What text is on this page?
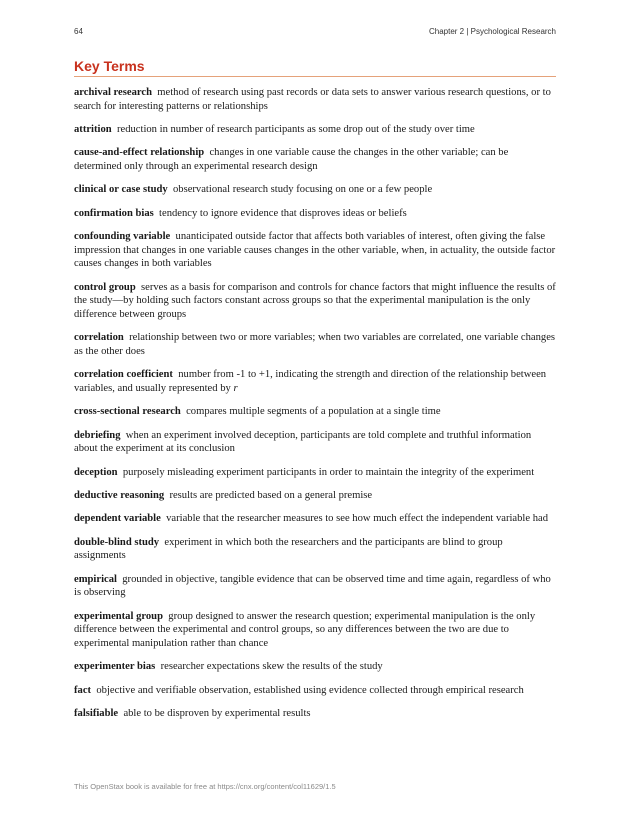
64	Chapter 2 | Psychological Research
Key Terms

archival research method of research using past records or data sets to answer various research questions, or to search for interesting patterns or relationships

attrition reduction in number of research participants as some drop out of the study over time

cause-and-effect relationship changes in one variable cause the changes in the other variable; can be determined only through an experimental research design

clinical or case study observational research study focusing on one or a few people

confirmation bias tendency to ignore evidence that disproves ideas or beliefs

confounding variable unanticipated outside factor that affects both variables of interest, often giving the false impression that changes in one variable causes changes in the other variable, when, in actuality, the outside factor causes changes in both variables

control group serves as a basis for comparison and controls for chance factors that might influence the results of the study—by holding such factors constant across groups so that the experimental manipulation is the only difference between groups

correlation relationship between two or more variables; when two variables are correlated, one variable changes as the other does

correlation coefficient number from -1 to +1, indicating the strength and direction of the relationship between variables, and usually represented by r

cross-sectional research compares multiple segments of a population at a single time

debriefing when an experiment involved deception, participants are told complete and truthful information about the experiment at its conclusion

deception purposely misleading experiment participants in order to maintain the integrity of the experiment

deductive reasoning results are predicted based on a general premise

dependent variable variable that the researcher measures to see how much effect the independent variable had

double-blind study experiment in which both the researchers and the participants are blind to group assignments

empirical grounded in objective, tangible evidence that can be observed time and time again, regardless of who is observing

experimental group group designed to answer the research question; experimental manipulation is the only difference between the experimental and control groups, so any differences between the two are due to experimental manipulation rather than chance

experimenter bias researcher expectations skew the results of the study

fact objective and verifiable observation, established using evidence collected through empirical research

falsifiable able to be disproven by experimental results

This OpenStax book is available for free at https://cnx.org/content/col11629/1.5
